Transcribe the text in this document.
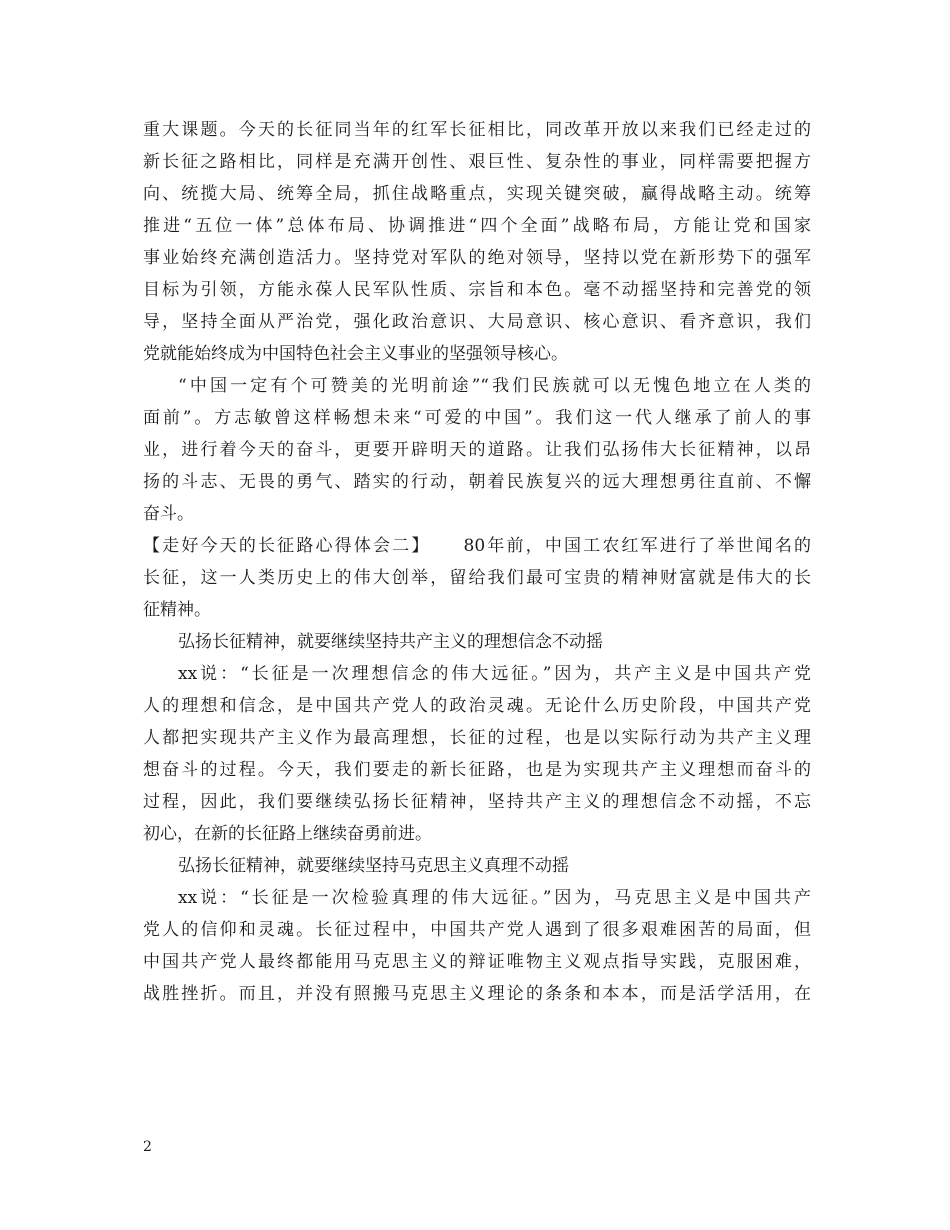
重大课题。今天的长征同当年的红军长征相比，同改革开放以来我们已经走过的
新长征之路相比，同样是充满开创性、艰巨性、复杂性的事业，同样需要把握方
向、统揽大局、统筹全局，抓住战略重点，实现关键突破，赢得战略主动。统筹
推进“五位一体”总体布局、协调推进“四个全面”战略布局，方能让党和国家
事业始终充满创造活力。坚持党对军队的绝对领导，坚持以党在新形势下的强军
目标为引领，方能永葆人民军队性质、宗旨和本色。毫不动摇坚持和完善党的领
导，坚持全面从严治党，强化政治意识、大局意识、核心意识、看齐意识，我们
党就能始终成为中国特色社会主义事业的坚强领导核心。
“中国一定有个可赞美的光明前途”“我们民族就可以无愧色地立在人类的
面前”。方志敏曾这样畅想未来“可爱的中国”。我们这一代人继承了前人的事
业，进行着今天的奋斗，更要开辟明天的道路。让我们弘扬伟大长征精神，以昂
扬的斗志、无畏的勇气、踏实的行动，朝着民族复兴的远大理想勇往直前、不懈
奋斗。
【走好今天的长征路心得体会二】 80年前，中国工农红军进行了举世闻名的
长征，这一人类历史上的伟大创举，留给我们最可宝贵的精神财富就是伟大的长
征精神。
弘扬长征精神，就要继续坚持共产主义的理想信念不动摇
xx说：“长征是一次理想信念的伟大远征。”因为，共产主义是中国共产党
人的理想和信念，是中国共产党人的政治灵魂。无论什么历史阶段，中国共产党
人都把实现共产主义作为最高理想，长征的过程，也是以实际行动为共产主义理
想奋斗的过程。今天，我们要走的新长征路，也是为实现共产主义理想而奋斗的
过程，因此，我们要继续弘扬长征精神，坚持共产主义的理想信念不动摇，不忘
初心，在新的长征路上继续奋勇前进。
弘扬长征精神，就要继续坚持马克思主义真理不动摇
xx说：“长征是一次检验真理的伟大远征。”因为，马克思主义是中国共产
党人的信仰和灵魂。长征过程中，中国共产党人遇到了很多艰难困苦的局面，但
中国共产党人最终都能用马克思主义的辩证唯物主义观点指导实践，克服困难，
战胜挫折。而且，并没有照搬马克思主义理论的条条和本本，而是活学活用，在
2
